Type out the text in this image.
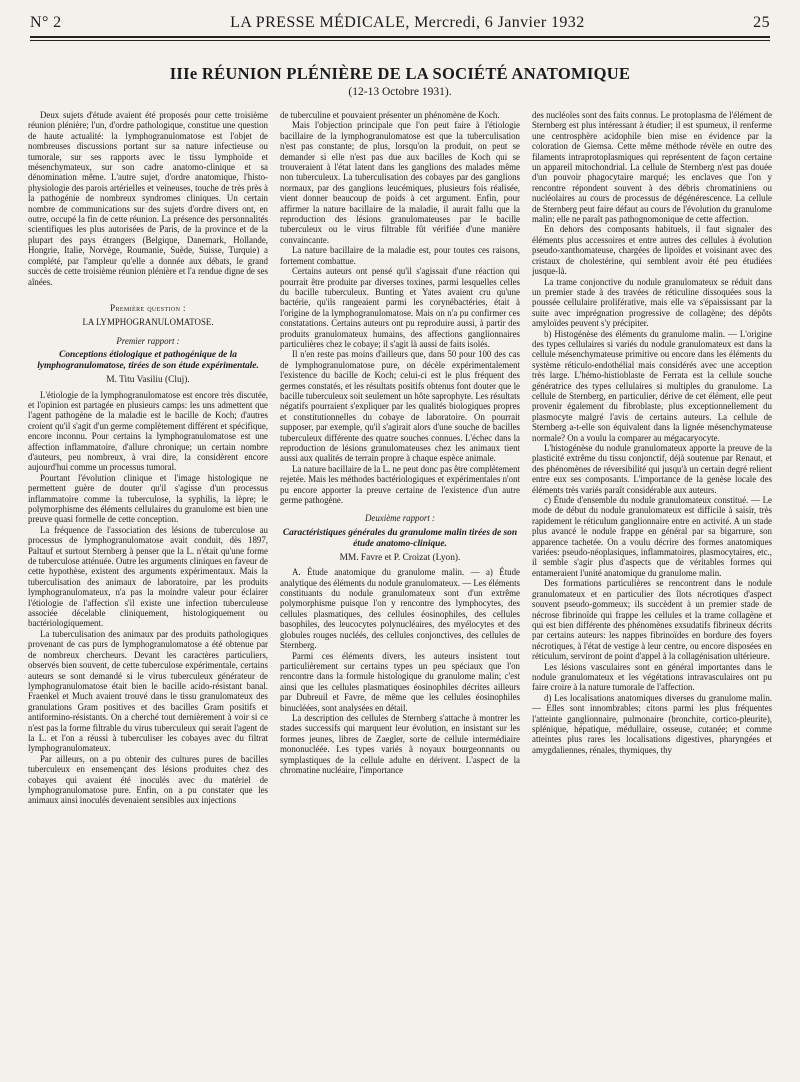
N° 2	LA PRESSE MÉDICALE, Mercredi, 6 Janvier 1932	25
IIIe RÉUNION PLÉNIÈRE DE LA SOCIÉTÉ ANATOMIQUE
(12-13 Octobre 1931).

Deux sujets d'étude avaient été proposés pour cette troisième réunion plénière; l'un, d'ordre pathologique, constitue une question de haute actualité: la lymphogranulomatose est l'objet de nombreuses discussions portant sur sa nature infectieuse ou tumorale, sur ses rapports avec le tissu lymphoïde et mésenchymateux, sur son cadre anatomo-clinique et sa dénomination même. L'autre sujet, d'ordre anatomique, l'histo-physiologie des parois artérielles et veineuses, touche de très près à la pathogénie de nombreux syndromes cliniques. Un certain nombre de communications sur des sujets d'ordre divers ont, en outre, occupé la fin de cette réunion. La présence des personnalités scientifiques les plus autorisées de Paris, de la province et de la plupart des pays étrangers (Belgique, Danemark, Hollande, Hongrie, Italie, Norvège, Roumanie, Suède, Suisse, Turquie) a complété, par l'ampleur qu'elle a donnée aux débats, le grand succès de cette troisième réunion plénière et l'a rendue digne de ses aînées.

Première question :

LA LYMPHOGRANULOMATOSE.

Premier rapport :

Conceptions étiologique et pathogénique de la lymphogranulomatose, tirées de son étude expérimentale.

M. Titu Vasiliu (Cluj).

L'étiologie de la lymphogranulomatose est encore très discutée, et l'opinion est partagée en plusieurs camps: les uns admettent que l'agent pathogène de la maladie est le bacille de Koch; d'autres croient qu'il s'agit d'un germe complètement différent et spécifique, encore inconnu. Pour certains la lymphogranulomatose est une affection inflammatoire, d'allure chronique; un certain nombre d'auteurs, peu nombreux, à vrai dire, la considèrent encore aujourd'hui comme un processus tumoral.

Pourtant l'évolution clinique et l'image histologique ne permettent guère de douter qu'il s'agisse d'un processus inflammatoire comme la tuberculose, la syphilis, la lèpre; le polymorphisme des éléments cellulaires du granulome est bien une preuve quasi formelle de cette conception.

La fréquence de l'association des lésions de tuberculose au processus de lymphogranulomatose avait conduit, dès 1897, Paltauf et surtout Sternberg à penser que la L. n'était qu'une forme de tuberculose atténuée. Outre les arguments cliniques en faveur de cette hypothèse, existent des arguments expérimentaux. Mais la tuberculisation des animaux de laboratoire, par les produits lymphogranulomateux, n'a pas la moindre valeur pour éclairer l'étiologie de l'affection s'il existe une infection tuberculeuse associée décelable cliniquement, histologiquement ou bactériologiquement.

La tuberculisation des animaux par des produits pathologiques provenant de cas purs de lymphogranulomatose a été obtenue par de nombreux chercheurs. Devant les caractères particuliers, observés bien souvent, de cette tuberculose expérimentale, certains auteurs se sont demandé si le virus tuberculeux générateur de lymphogranulomatose était bien le bacille acido-résistant banal. Fraenkel et Much avaient trouvé dans le tissu granulomateux des granulations Gram positives et des bacilles Gram positifs et antiformino-résistants. On a cherché tout dernièrement à voir si ce n'est pas la forme filtrable du virus tuberculeux qui serait l'agent de la L. et l'on a réussi à tuberculiser les cobayes avec du filtrat lymphogranulomateux.

Par ailleurs, on a pu obtenir des cultures pures de bacilles tuberculeux en ensemençant des lésions produites chez des cobayes qui avaient été inoculés avec du matériel de lymphogranulomatose pure. Enfin, on a pu constater que les animaux ainsi inoculés devenaient sensibles aux injections

de tuberculine et pouvaient présenter un phénomène de Koch.

Mais l'objection principale que l'on peut faire à l'étiologie bacillaire de la lymphogranulomatose est que la tuberculisation n'est pas constante; de plus, lorsqu'on la produit, on peut se demander si elle n'est pas due aux bacilles de Koch qui se trouveraient à l'état latent dans les ganglions des malades même non tuberculeux. La tuberculisation des cobayes par des ganglions normaux, par des ganglions leucémiques, plusieurs fois réalisée, vient donner beaucoup de poids à cet argument. Enfin, pour affirmer la nature bacillaire de la maladie, il aurait fallu que la reproduction des lésions granulomateuses par le bacille tuberculeux ou le virus filtrable fût vérifiée d'une manière convaincante.

La nature bacillaire de la maladie est, pour toutes ces raisons, fortement combattue.

Certains auteurs ont pensé qu'il s'agissait d'une réaction qui pourrait être produite par diverses toxines, parmi lesquelles celles du bacille tuberculeux. Bunting et Yates avaient cru qu'une bactérie, qu'ils rangeaient parmi les corynébactéries, était à l'origine de la lymphogranulomatose. Mais on n'a pu confirmer ces constatations. Certains auteurs ont pu reproduire aussi, à partir des produits granulomateux humains, des affections ganglionnaires particulières chez le cobaye; il s'agit là aussi de faits isolés.

Il n'en reste pas moins d'ailleurs que, dans 50 pour 100 des cas de lymphogranulomatose pure, on décèle expérimentalement l'existence du bacille de Koch; celui-ci est le plus fréquent des germes constatés, et les résultats positifs obtenus font douter que le bacille tuberculeux soit seulement un hôte saprophyte. Les résultats négatifs pourraient s'expliquer par les qualités biologiques propres et constitutionnelles du cobaye de laboratoire. On pourrait supposer, par exemple, qu'il s'agirait alors d'une souche de bacilles tuberculeux différente des quatre souches connues. L'échec dans la reproduction de lésions granulomateuses chez les animaux tient aussi aux qualités de terrain propre à chaque espèce animale.

La nature bacillaire de la L. ne peut donc pas être complètement rejetée. Mais les méthodes bactériologiques et expérimentales n'ont pu encore apporter la preuve certaine de l'existence d'un autre germe pathogène.

Deuxième rapport :

Caractéristiques générales du granulome malin tirées de son étude anatomo-clinique.

MM. Favre et P. Croizat (Lyon).

A. Étude anatomique du granulome malin. — a) Étude analytique des éléments du nodule granulomateux. — Les éléments constituants du nodule granulomateux sont d'un extrême polymorphisme puisque l'on y rencontre des lymphocytes, des cellules plasmatiques, des cellules éosinophiles, des cellules basophiles, des leucocytes polynucléaires, des myélocytes et des globules rouges nucléés, des cellules conjonctives, des cellules de Sternberg.

Parmi ces éléments divers, les auteurs insistent tout particulièrement sur certains types un peu spéciaux que l'on rencontre dans la formule histologique du granulome malin; c'est ainsi que les cellules plasmatiques éosinophiles décrites ailleurs par Dubreuil et Favre, de même que les cellules éosinophiles binucléées, sont analysées en détail.

La description des cellules de Sternberg s'attache à montrer les stades successifs qui marquent leur évolution, en insistant sur les formes jeunes, libres de Zaegler, sorte de cellule intermédiaire mononucléée. Les types variés à noyaux bourgeonnants ou symplastiques de la cellule adulte en dérivent. L'aspect de la chromatine nucléaire, l'importance

des nucléoles sont des faits connus. Le protoplasma de l'élément de Sternberg est plus intéressant à étudier; il est spumeux, il renferme une centrosphère acidophile bien mise en évidence par la coloration de Giemsa. Cette même méthode révèle en outre des filaments intraprotoplasmiques qui représentent de façon certaine un appareil mitochondrial. La cellule de Sternberg n'est pas douée d'un pouvoir phagocytaire marqué; les enclaves que l'on y rencontre répondent souvent à des débris chromatiniens ou nucléolaires au cours de processus de dégénérescence. La cellule de Sternberg peut faire défaut au cours de l'évolution du granulome malin; elle ne paraît pas pathognomonique de cette affection.

En dehors des composants habituels, il faut signaler des éléments plus accessoires et entre autres des cellules à évolution pseudo-xanthomateuse, chargées de lipoïdes et voisinant avec des cristaux de cholestérine, qui semblent avoir été peu étudiées jusque-là.

La trame conjonctive du nodule granulomateux se réduit dans un premier stade à des travées de réticuline dissoquées sous la poussée cellulaire proliférative, mais elle va s'épaississant par la suite avec imprégnation progressive de collagène; des dépôts amyloïdes peuvent s'y précipiter.

b) Histogénèse des éléments du granulome malin. — L'origine des types cellulaires si variés du nodule granulomateux est dans la cellule mésenchymateuse primitive ou encore dans les éléments du système réticulo-endothélial mais considérés avec une acception très large. L'hémo-histioblaste de Ferrata est la cellule souche génératrice des types cellulaires si multiples du granulome. La cellule de Sternberg, en particulier, dérive de cet élément, elle peut provenir également du fibroblaste, plus exceptionnellement du plasmocyte malgré l'avis de certains auteurs. La cellule de Sternberg a-t-elle son équivalent dans la lignée mésenchymateuse normale? On a voulu la comparer au mégacaryocyte.

L'histogénèse du nodule granulomateux apporte la preuve de la plasticité extrême du tissu conjonctif, déjà soutenue par Renaut, et des phénomènes de réversibilité qui jusqu'à un certain degré relient entre eux ses composants. L'importance de la genèse locale des éléments très variés paraît considérable aux auteurs.

c) Étude d'ensemble du nodule granulomateux constitué. — Le mode de début du nodule granulomateux est difficile à saisir, très rapidement le réticulum ganglionnaire entre en activité. A un stade plus avancé le nodule frappe en général par sa bigarrure, son apparence tachetée. On a voulu décrire des formes anatomiques variées: pseudo-néoplasiques, inflammatoires, plasmocytaires, etc., il semble s'agir plus d'aspects que de véritables formes qui entameraient l'unité anatomique du granulome malin.

Des formations particulières se rencontrent dans le nodule granulomateux et en particulier des îlots nécrotiques d'aspect souvent pseudo-gommeux; ils succèdent à un premier stade de nécrose fibrinoïde qui frappe les cellules et la trame collagène et qui est bien différente des phénomènes exsudatifs fibrineux décrits par certains auteurs: les nappes fibrinoïdes en bordure des foyers nécrotiques, à l'état de vestige à leur centre, ou encore disposées en réticulum, serviront de point d'appel à la collagénisation ultérieure.

Les lésions vasculaires sont en général importantes dans le nodule granulomateux et les végétations intravasculaires ont pu faire croire à la nature tumorale de l'affection.

d) Les localisations anatomiques diverses du granulome malin. — Elles sont innombrables; citons parmi les plus fréquentes l'atteinte ganglionnaire, pulmonaire (bronchite, cortico-pleurite), splénique, hépatique, médullaire, osseuse, cutanée; et comme atteintes plus rares les localisations digestives, pharyngées et amygdaliennes, rénales, thymiques, thy
